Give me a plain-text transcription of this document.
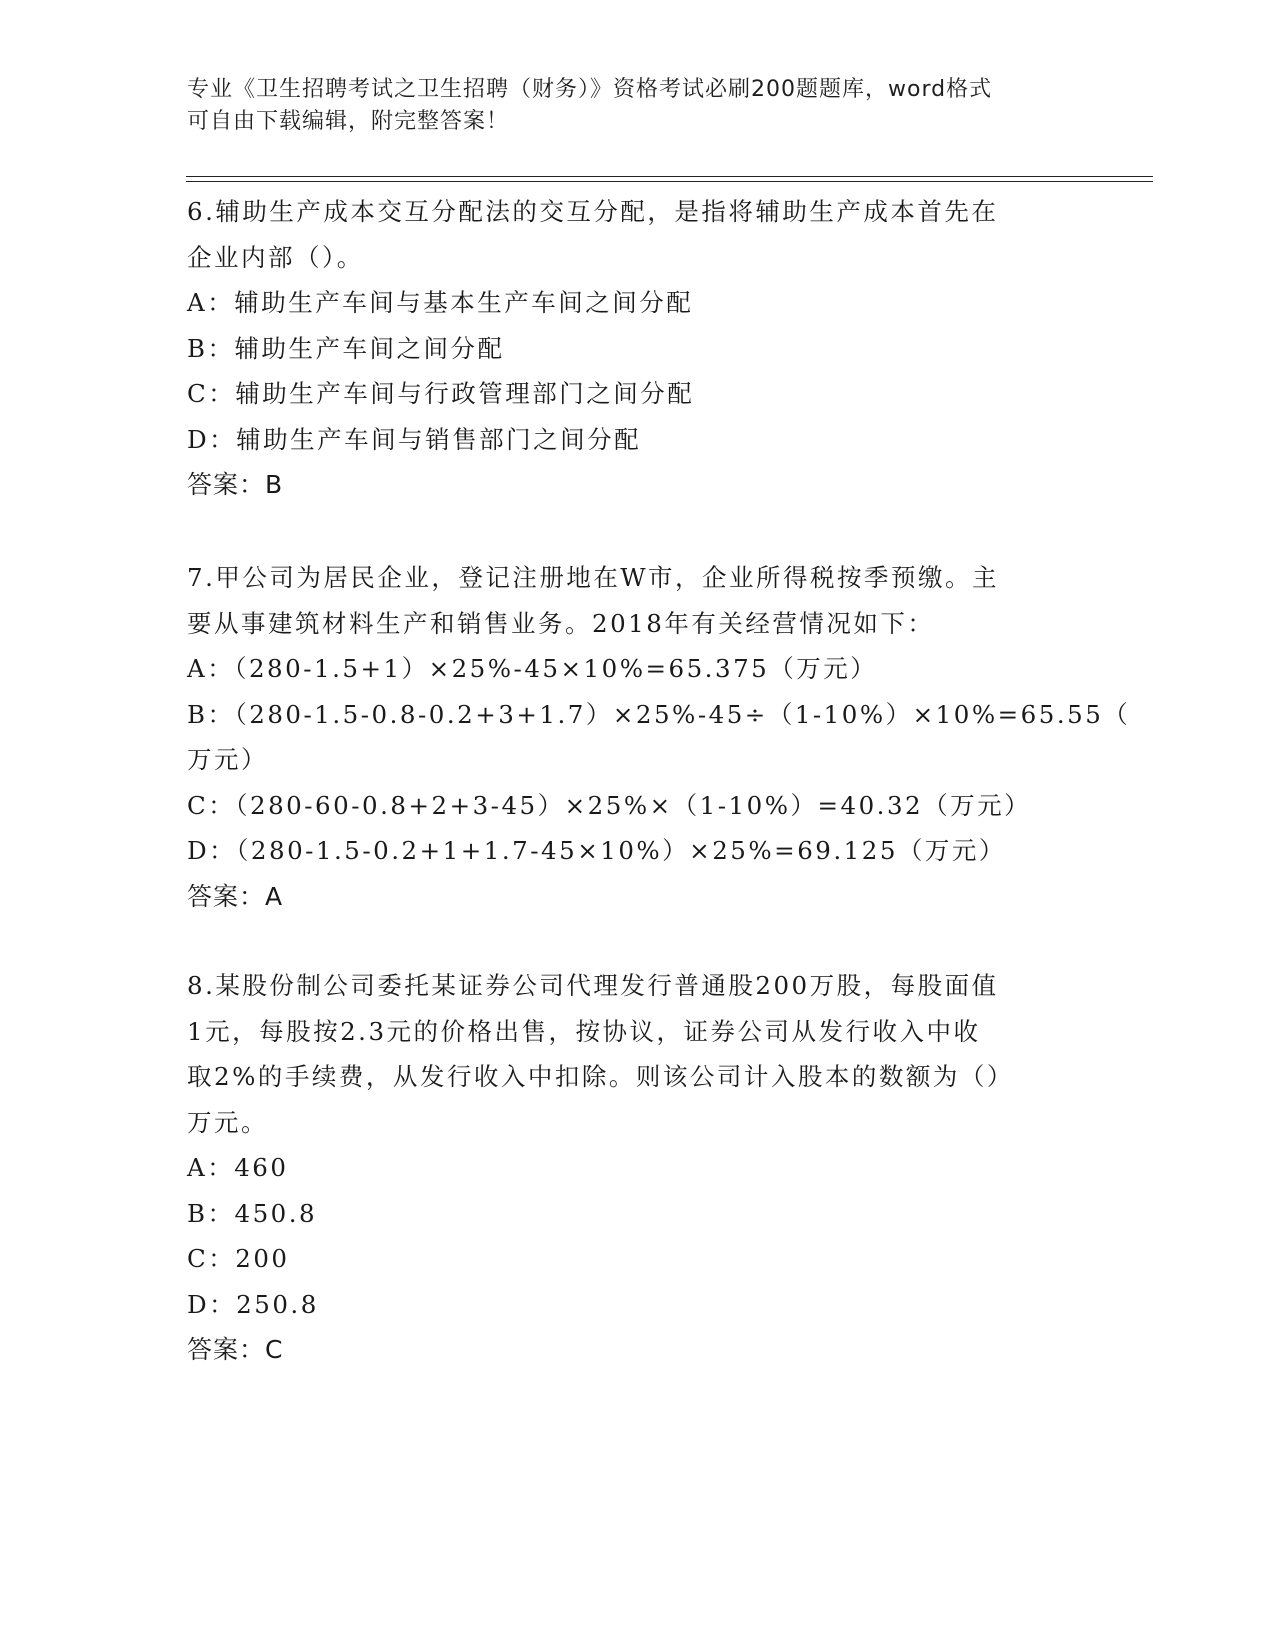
专业《卫生招聘考试之卫生招聘（财务）》资格考试必刷200题题库，word格式
可自由下载编辑，附完整答案！
6.辅助生产成本交互分配法的交互分配，是指将辅助生产成本首先在
企业内部（）。
A：辅助生产车间与基本生产车间之间分配
B：辅助生产车间之间分配
C：辅助生产车间与行政管理部门之间分配
D：辅助生产车间与销售部门之间分配
答案：B
7.甲公司为居民企业，登记注册地在W市，企业所得税按季预缴。主
要从事建筑材料生产和销售业务。2018年有关经营情况如下：
A：（280-1.5+1）×25%-45×10%=65.375（万元）
B：（280-1.5-0.8-0.2+3+1.7）×25%-45÷（1-10%）×10%=65.55（
万元）
C：（280-60-0.8+2+3-45）×25%×（1-10%）=40.32（万元）
D：（280-1.5-0.2+1+1.7-45×10%）×25%=69.125（万元）
答案：A
8.某股份制公司委托某证券公司代理发行普通股200万股，每股面值
1元，每股按2.3元的价格出售，按协议，证券公司从发行收入中收
取2%的手续费，从发行收入中扣除。则该公司计入股本的数额为（）
万元。
A：460
B：450.8
C：200
D：250.8
答案：C
